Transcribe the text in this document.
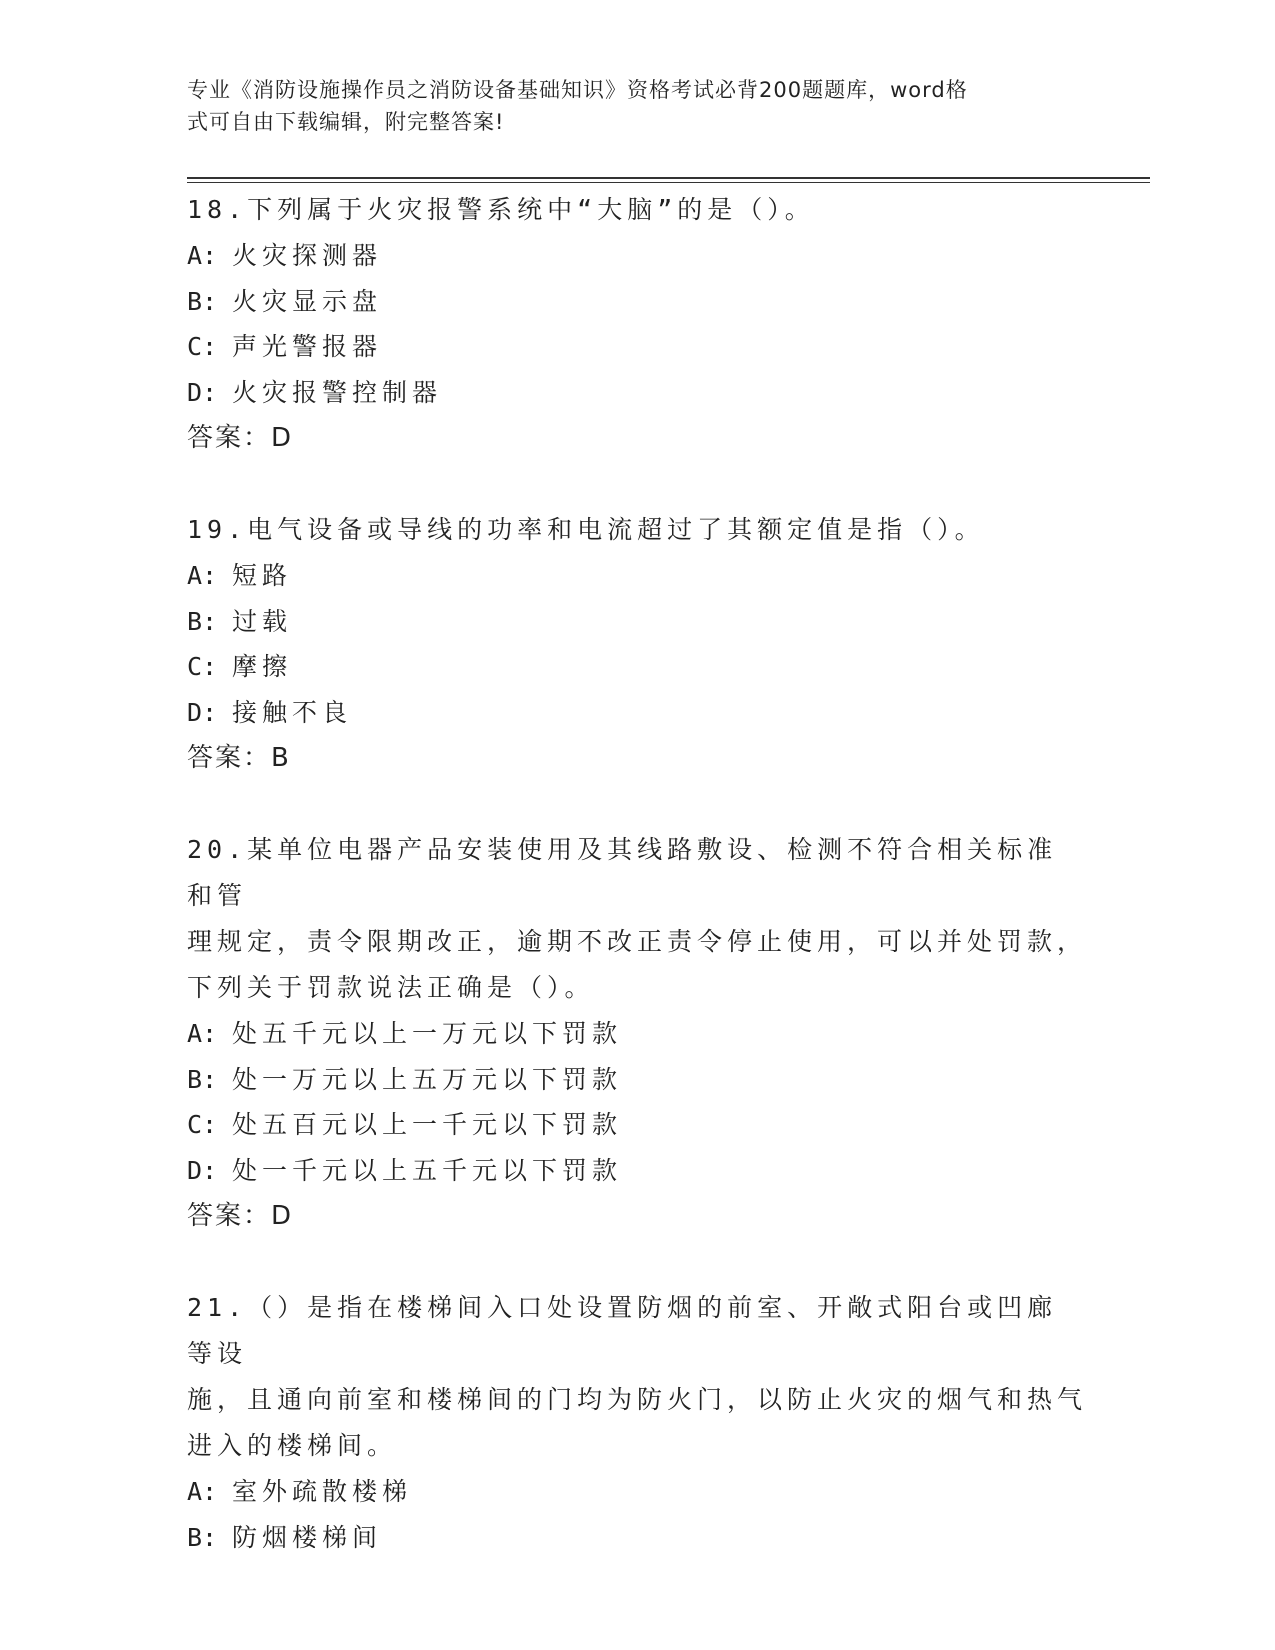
专业《消防设施操作员之消防设备基础知识》资格考试必背200题题库，word格
式可自由下载编辑，附完整答案!

18.下列属于火灾报警系统中“大脑”的是（）。

A: 火灾探测器

B: 火灾显示盘

C: 声光警报器

D: 火灾报警控制器

答案：D

19.电气设备或导线的功率和电流超过了其额定值是指（）。

A: 短路

B: 过载

C: 摩擦

D: 接触不良

答案：B

20.某单位电器产品安装使用及其线路敷设、检测不符合相关标准和管

理规定，责令限期改正，逾期不改正责令停止使用，可以并处罚款，

下列关于罚款说法正确是（）。

A: 处五千元以上一万元以下罚款

B: 处一万元以上五万元以下罚款

C: 处五百元以上一千元以下罚款

D: 处一千元以上五千元以下罚款

答案：D

21.（）是指在楼梯间入口处设置防烟的前室、开敞式阳台或凹廊等设

施，且通向前室和楼梯间的门均为防火门，以防止火灾的烟气和热气

进入的楼梯间。

A: 室外疏散楼梯

B: 防烟楼梯间
